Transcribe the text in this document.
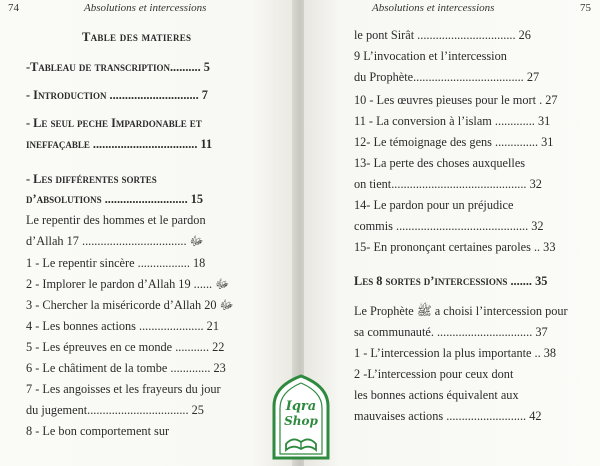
74	Absolutions et intercessions
Table des matieres
-Tableau de transcription.......... 5
- Introduction ............................. 7
- Le seul peche Impardonable et
ineffaçable .................................. 11
- Les différentes sortes
d’absolutions ........................... 15
Le repentir des hommes et le pardon
d’Allah ﷻ .................................. 17
1 - Le repentir sincère ................. 18
2 - Implorer le pardon d’Allah ﷻ ...... 19
3 - Chercher la miséricorde d’Allah ﷻ 20
4 - Les bonnes actions ..................... 21
5 - Les épreuves en ce monde ........... 22
6 - Le châtiment de la tombe ............. 23
7 - Les angoisses et les frayeurs du jour
du jugement................................. 25
8 - Le bon comportement sur
Absolutions et intercessions	75
le pont Sirât ................................ 26
9 L’invocation et l’intercession
du Prophète.................................... 27
10 - Les œuvres pieuses pour le mort . 27
11 - La conversion à l’islam ............. 31
12- Le témoignage des gens .............. 31
13- La perte des choses auxquelles
on tient............................................ 32
14- Le pardon pour un préjudice
commis ........................................... 32
15- En prononçant certaines paroles .. 33
Les 8 sortes d’intercessions ....... 35
Le Prophète ﷺ a choisi l’intercession pour
sa communauté. ............................... 37
1 - L’intercession la plus importante .. 38
2 -L’intercession pour ceux dont
les bonnes actions équivalent aux
mauvaises actions .......................... 42
Iqra
Shop
